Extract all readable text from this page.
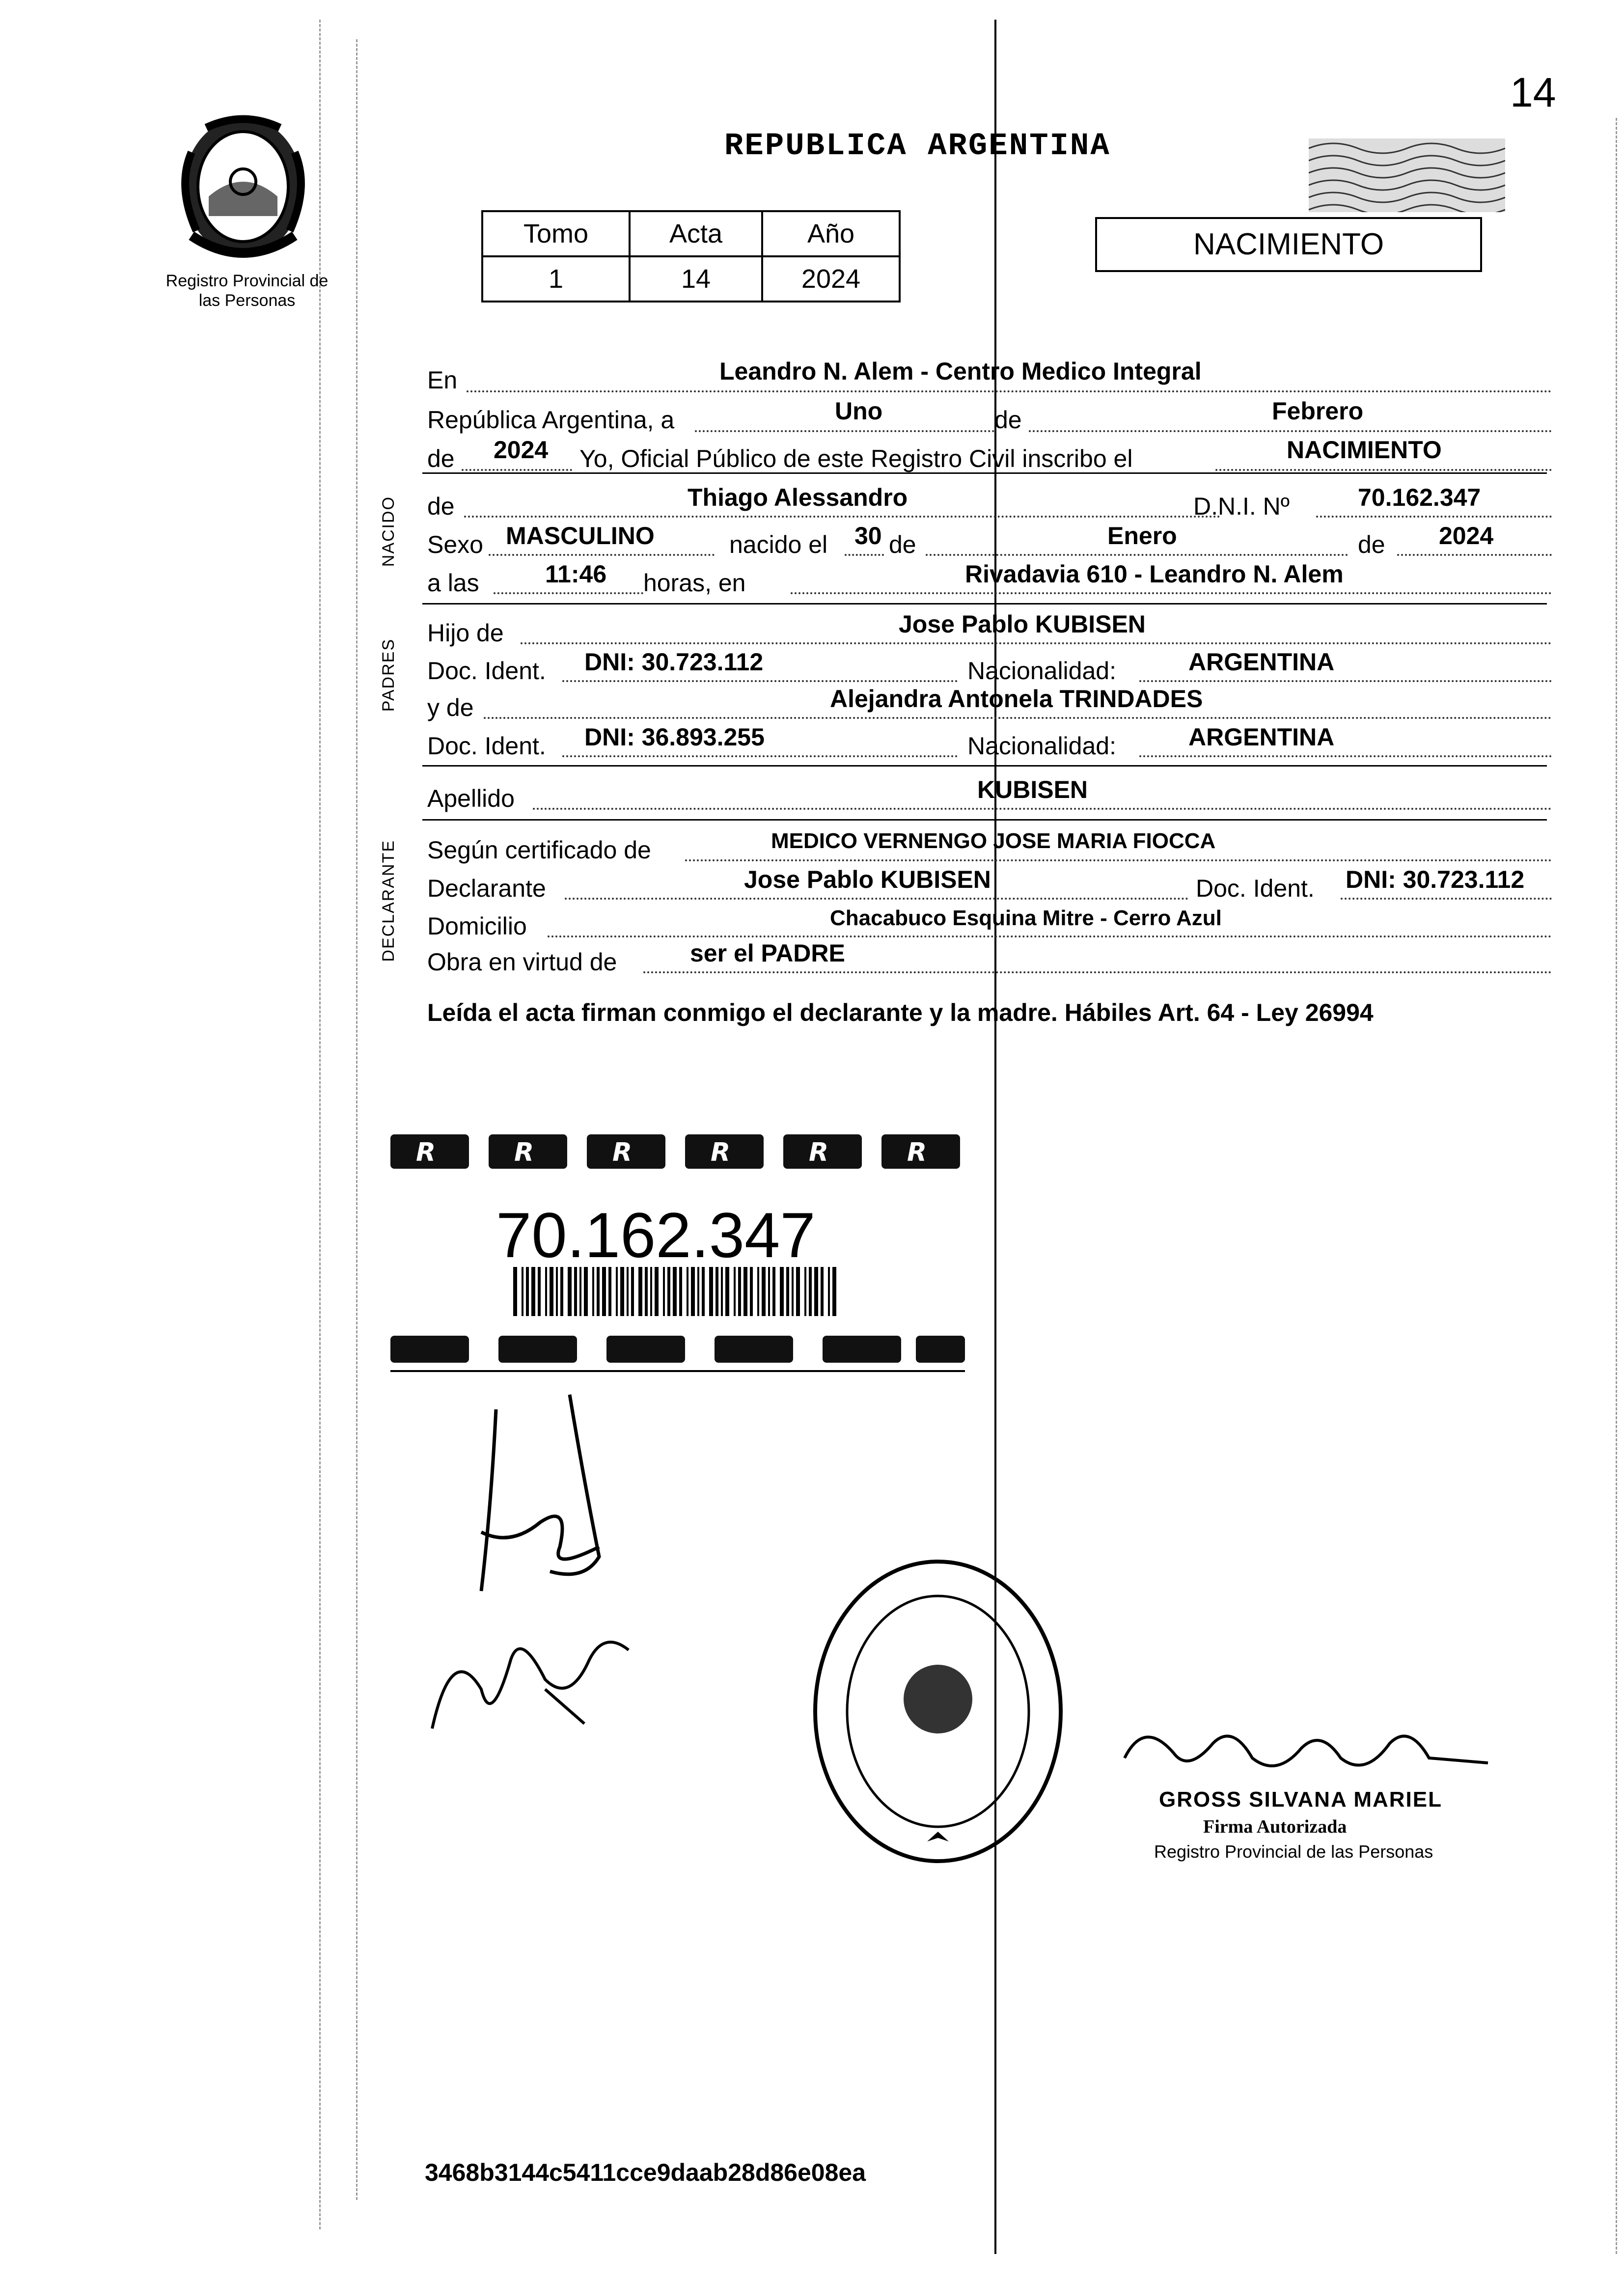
14
Registro Provincial de las Personas
REPUBLICA ARGENTINA
Tomo	Acta	Año
1	14	2024
NACIMIENTO
En	Leandro N. Alem - Centro Medico Integral
República Argentina, a	Uno	de	Febrero
de 2024 Yo, Oficial Público de este Registro Civil inscribo el	NACIMIENTO
NACIDO de	Thiago Alessandro	D.N.I. Nº	70.162.347
Sexo MASCULINO	nacido el 30 de	Enero	de 2024
a las	11:46 horas, en	Rivadavia 610 - Leandro N. Alem
PADRES
Hijo de	Jose Pablo KUBISEN
Doc. Ident. DNI: 30.723.112	Nacionalidad:	ARGENTINA
y de	Alejandra Antonela TRINDADES
Doc. Ident. DNI: 36.893.255	Nacionalidad:	ARGENTINA
Apellido	KUBISEN
DECLARANTE Según certificado de	MEDICO VERNENGO JOSE MARIA FIOCCA
Declarante	Jose Pablo KUBISEN	Doc. Ident. DNI: 30.723.112
Domicilio	Chacabuco Esquina Mitre - Cerro Azul
Obra en virtud de	ser el PADRE
Leída el acta firman conmigo el declarante y la madre. Hábiles Art. 64 - Ley 26994
R	R	R	R	R	R
70.162.347
GROSS SILVANA MARIEL
Firma Autorizada
Registro Provincial de las Personas
3468b3144c5411cce9daab28d86e08ea
